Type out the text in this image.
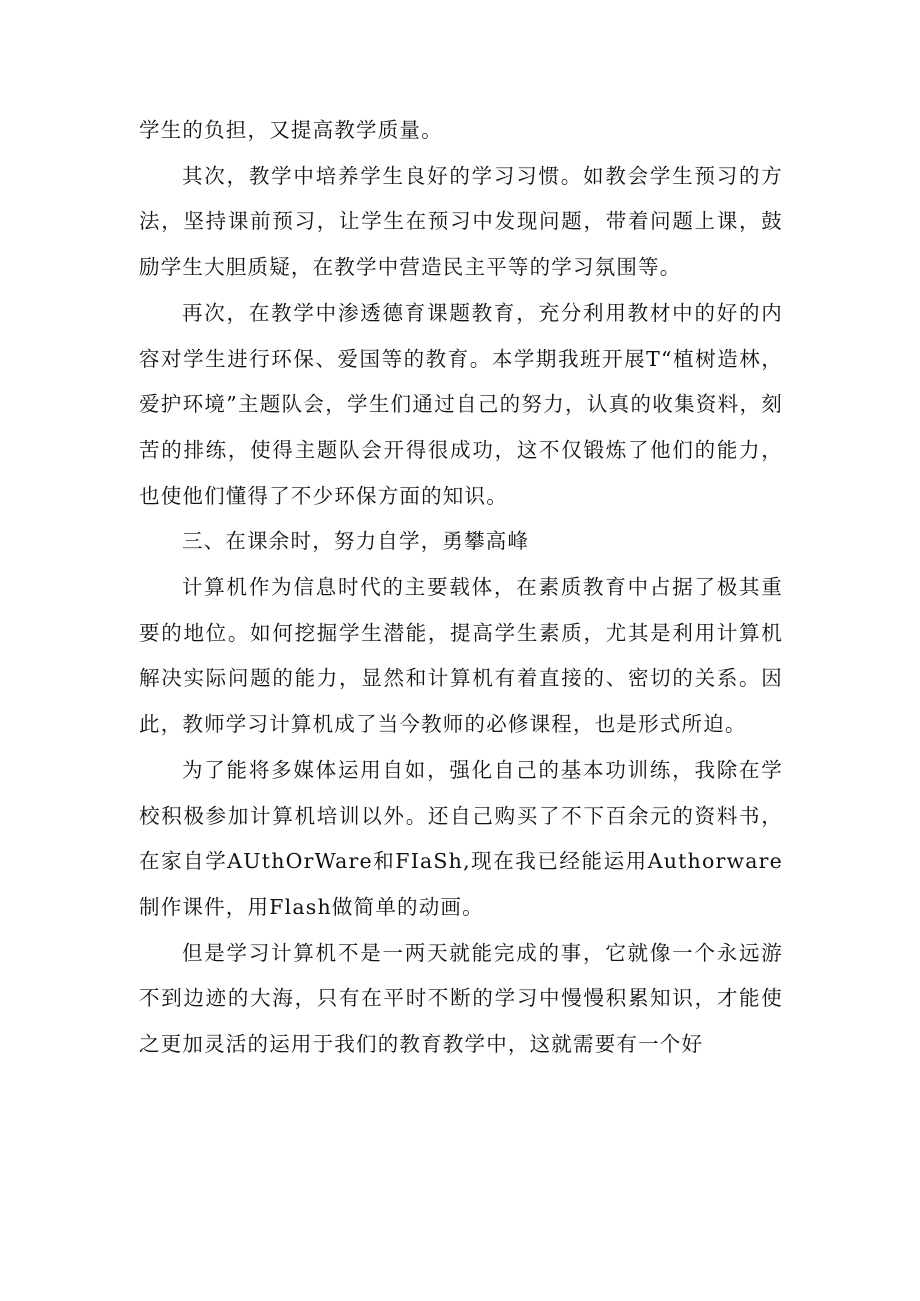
学生的负担，又提高教学质量。

其次，教学中培养学生良好的学习习惯。如教会学生预习的方法，坚持课前预习，让学生在预习中发现问题，带着问题上课，鼓励学生大胆质疑，在教学中营造民主平等的学习氛围等。

再次，在教学中渗透德育课题教育，充分利用教材中的好的内容对学生进行环保、爱国等的教育。本学期我班开展T“植树造林，爱护环境”主题队会，学生们通过自己的努力，认真的收集资料，刻苦的排练，使得主题队会开得很成功，这不仅锻炼了他们的能力，也使他们懂得了不少环保方面的知识。

三、在课余时，努力自学，勇攀高峰

计算机作为信息时代的主要载体，在素质教育中占据了极其重要的地位。如何挖掘学生潜能，提高学生素质，尤其是利用计算机解决实际问题的能力，显然和计算机有着直接的、密切的关系。因此，教师学习计算机成了当今教师的必修课程，也是形式所迫。

为了能将多媒体运用自如，强化自己的基本功训练，我除在学校积极参加计算机培训以外。还自己购买了不下百余元的资料书，在家自学AUthOrWare和FIaSh,现在我已经能运用Authorware制作课件，用Flash做简单的动画。

但是学习计算机不是一两天就能完成的事，它就像一个永远游不到边迹的大海，只有在平时不断的学习中慢慢积累知识，才能使之更加灵活的运用于我们的教育教学中，这就需要有一个好
